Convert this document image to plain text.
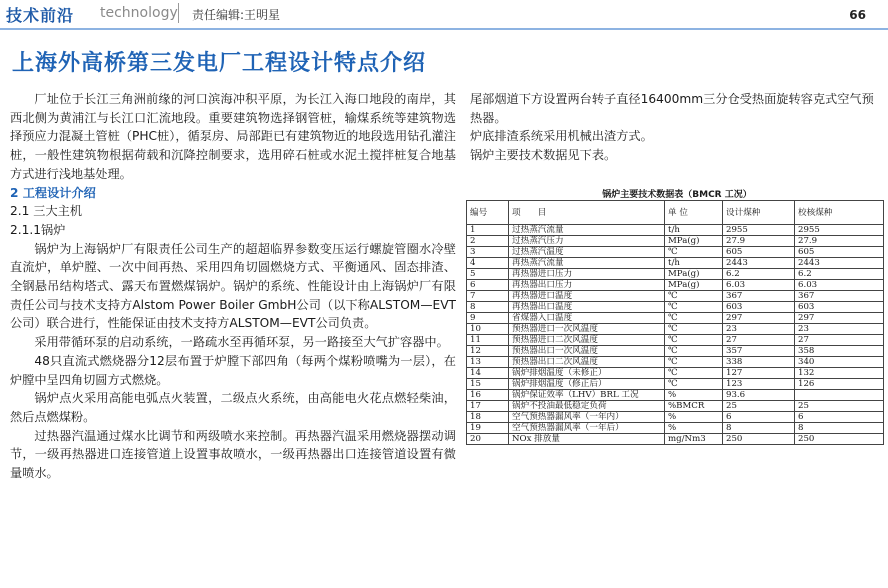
技术前沿 technology 责任编辑:王明星	66
上海外高桥第三发电厂工程设计特点介绍

厂址位于长江三角洲前缘的河口滨海冲积平原，为长江入海口地段的南岸，其西北侧为黄浦江与长江口汇流地段。重要建筑物选择钢管桩，输煤系统等建筑物选择预应力混凝土管桩（PHC桩），循泵房、局部距已有建筑物近的地段选用钻孔灌注桩，一般性建筑物根据荷载和沉降控制要求，选用碎石桩或水泥土搅拌桩复合地基方式进行浅地基处理。

2 工程设计介绍

2.1 三大主机

2.1.1锅炉

锅炉为上海锅炉厂有限责任公司生产的超超临界参数变压运行螺旋管圈水冷壁直流炉，单炉膛、一次中间再热、采用四角切圆燃烧方式、平衡通风、固态排渣、全钢悬吊结构塔式、露天布置燃煤锅炉。锅炉的系统、性能设计由上海锅炉厂有限责任公司与技术支持方Alstom Power Boiler GmbH公司（以下称ALSTOM—EVT公司）联合进行，性能保证由技术支持方ALSTOM—EVT公司负责。

采用带循环泵的启动系统，一路疏水至再循环泵，另一路接至大气扩容器中。

48只直流式燃烧器分12层布置于炉膛下部四角（每两个煤粉喷嘴为一层），在炉膛中呈四角切圆方式燃烧。

锅炉点火采用高能电弧点火装置，二级点火系统，由高能电火花点燃轻柴油，然后点燃煤粉。

过热器汽温通过煤水比调节和两级喷水来控制。再热器汽温采用燃烧器摆动调节，一级再热器进口连接管道上设置事故喷水，一级再热器出口连接管道设置有微量喷水。

尾部烟道下方设置两台转子直径16400mm三分仓受热面旋转容克式空气预热器。

炉底排渣系统采用机械出渣方式。

锅炉主要技术数据见下表。

锅炉主要技术数据表（BMCR 工况）
编号	项　　目	单 位	设计煤种	校核煤种
1	过热蒸汽流量	t/h	2955	2955
2	过热蒸汽压力	MPa(g)	27.9	27.9
3	过热蒸汽温度	℃	605	605
4	再热蒸汽流量	t/h	2443	2443
5	再热器进口压力	MPa(g)	6.2	6.2
6	再热器出口压力	MPa(g)	6.03	6.03
7	再热器进口温度	℃	367	367
8	再热器出口温度	℃	603	603
9	省煤器入口温度	℃	297	297
10	预热器进口一次风温度	℃	23	23
11	预热器进口二次风温度	℃	27	27
12	预热器出口一次风温度	℃	357	358
13	预热器出口二次风温度	℃	338	340
14	锅炉排烟温度（未修正）	℃	127	132
15	锅炉排烟温度（修正后）	℃	123	126
16	锅炉保证效率（LHV）BRL 工况	%	93.6	
17	锅炉不投油最低稳定负荷	%BMCR	25	25
18	空气预热器漏风率（一年内）	%	6	6
19	空气预热器漏风率（一年后）	%	8	8
20	NOx 排放量	mg/Nm3	250	250
